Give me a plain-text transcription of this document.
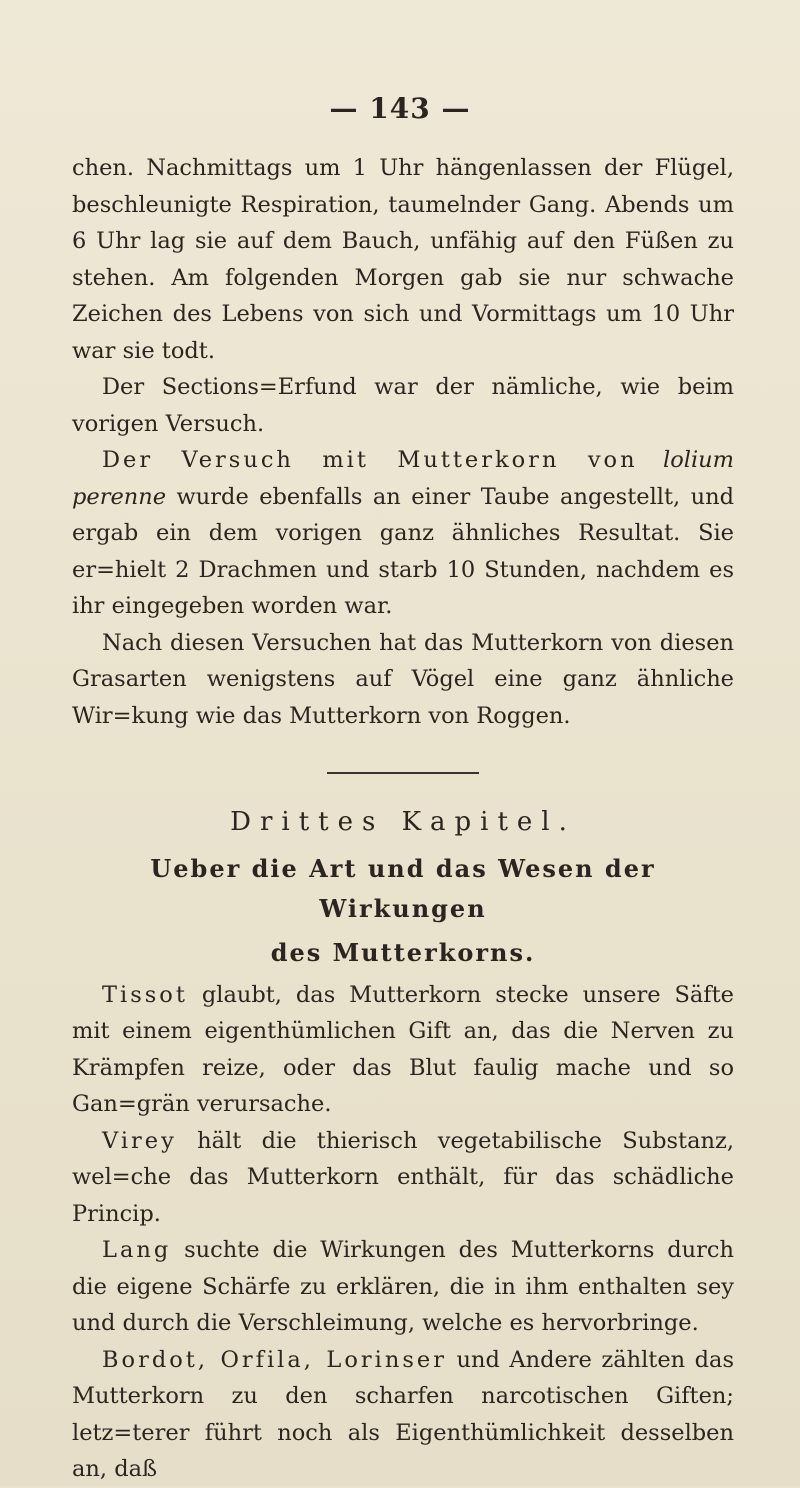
— 143 —

chen. Nachmittags um 1 Uhr hängenlassen der Flügel, beschleunigte Respiration, taumelnder Gang. Abends um 6 Uhr lag sie auf dem Bauch, unfähig auf den Füßen zu stehen. Am folgenden Morgen gab sie nur schwache Zeichen des Lebens von sich und Vormittags um 10 Uhr war sie todt.

Der Sections=Erfund war der nämliche, wie beim vorigen Versuch.

Der Versuch mit Mutterkorn von lolium perenne wurde ebenfalls an einer Taube angestellt, und ergab ein dem vorigen ganz ähnliches Resultat. Sie er=hielt 2 Drachmen und starb 10 Stunden, nachdem es ihr eingegeben worden war.

Nach diesen Versuchen hat das Mutterkorn von diesen Grasarten wenigstens auf Vögel eine ganz ähnliche Wir=kung wie das Mutterkorn von Roggen.

Drittes Kapitel.

Ueber die Art und das Wesen der Wirkungen

des Mutterkorns.

Tissot glaubt, das Mutterkorn stecke unsere Säfte mit einem eigenthümlichen Gift an, das die Nerven zu Krämpfen reize, oder das Blut faulig mache und so Gan=grän verursache.

Virey hält die thierisch vegetabilische Substanz, wel=che das Mutterkorn enthält, für das schädliche Princip.

Lang suchte die Wirkungen des Mutterkorns durch die eigene Schärfe zu erklären, die in ihm enthalten sey und durch die Verschleimung, welche es hervorbringe.

Bordot, Orfila, Lorinser und Andere zählten das Mutterkorn zu den scharfen narcotischen Giften; letz=terer führt noch als Eigenthümlichkeit desselben an, daß
